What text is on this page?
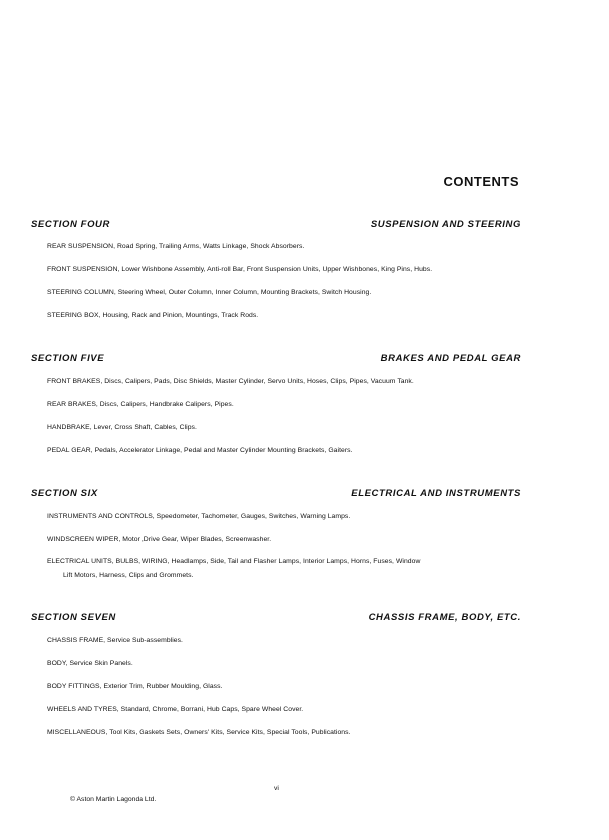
CONTENTS
SECTION FOUR	SUSPENSION AND STEERING
REAR SUSPENSION, Road Spring, Trailing Arms, Watts Linkage, Shock Absorbers.
FRONT SUSPENSION, Lower Wishbone Assembly, Anti-roll Bar, Front Suspension Units, Upper Wishbones, King Pins, Hubs.
STEERING COLUMN, Steering Wheel, Outer Column, Inner Column, Mounting Brackets, Switch Housing.
STEERING BOX, Housing, Rack and Pinion, Mountings, Track Rods.
SECTION FIVE	BRAKES AND PEDAL GEAR
FRONT BRAKES, Discs, Calipers, Pads, Disc Shields, Master Cylinder, Servo Units, Hoses, Clips, Pipes, Vacuum Tank.
REAR BRAKES, Discs, Calipers, Handbrake Calipers, Pipes.
HANDBRAKE, Lever, Cross Shaft, Cables, Clips.
PEDAL GEAR, Pedals, Accelerator Linkage, Pedal and Master Cylinder Mounting Brackets, Gaiters.
SECTION SIX	ELECTRICAL AND INSTRUMENTS
INSTRUMENTS AND CONTROLS, Speedometer, Tachometer, Gauges, Switches, Warning Lamps.
WINDSCREEN WIPER, Motor ,Drive Gear, Wiper Blades, Screenwasher.
ELECTRICAL UNITS, BULBS, WIRING, Headlamps, Side, Tail and Flasher Lamps, Interior Lamps, Horns, Fuses, Window
Lift Motors, Harness, Clips and Grommets.
SECTION SEVEN	CHASSIS FRAME, BODY, ETC.
CHASSIS FRAME, Service Sub-assemblies.
BODY, Service Skin Panels.
BODY FITTINGS, Exterior Trim, Rubber Moulding, Glass.
WHEELS AND TYRES, Standard, Chrome, Borrani, Hub Caps, Spare Wheel Cover.
MISCELLANEOUS, Tool Kits, Gaskets Sets, Owners' Kits, Service Kits, Special Tools, Publications.
vi
© Aston Martin Lagonda Ltd.
